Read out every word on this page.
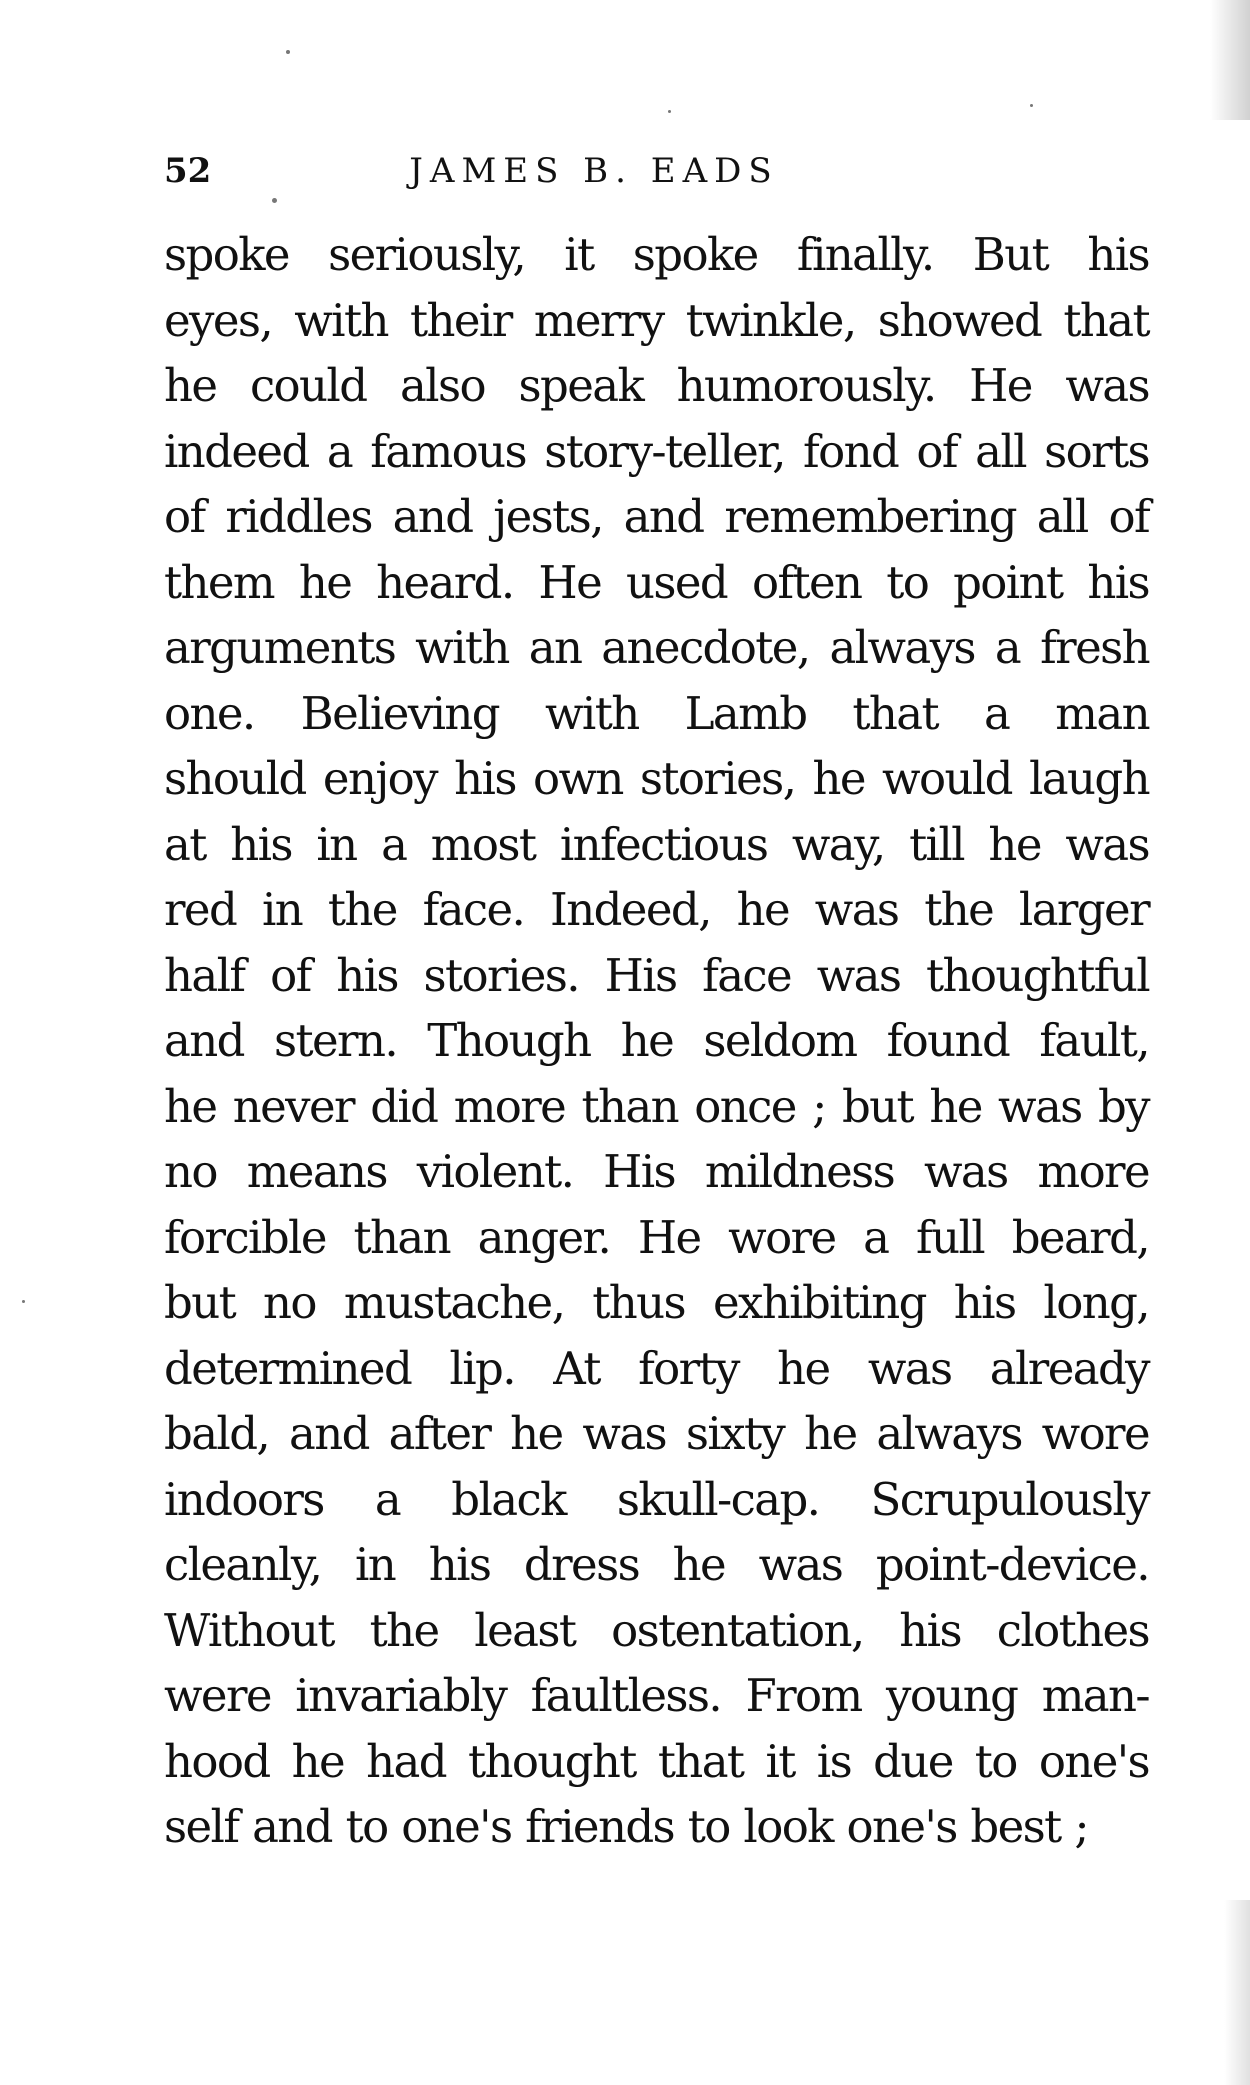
52	JAMES B. EADS
spoke seriously, it spoke finally. But his
eyes, with their merry twinkle, showed that
he could also speak humorously. He was
indeed a famous story-teller, fond of all sorts
of riddles and jests, and remembering all of
them he heard. He used often to point his
arguments with an anecdote, always a fresh
one. Believing with Lamb that a man
should enjoy his own stories, he would laugh
at his in a most infectious way, till he was
red in the face. Indeed, he was the larger
half of his stories. His face was thoughtful
and stern. Though he seldom found fault,
he never did more than once ; but he was by
no means violent. His mildness was more
forcible than anger. He wore a full beard,
but no mustache, thus exhibiting his long,
determined lip. At forty he was already
bald, and after he was sixty he always wore
indoors a black skull-cap. Scrupulously
cleanly, in his dress he was point-device.
Without the least ostentation, his clothes
were invariably faultless. From young man-
hood he had thought that it is due to one's
self and to one's friends to look one's best ;
